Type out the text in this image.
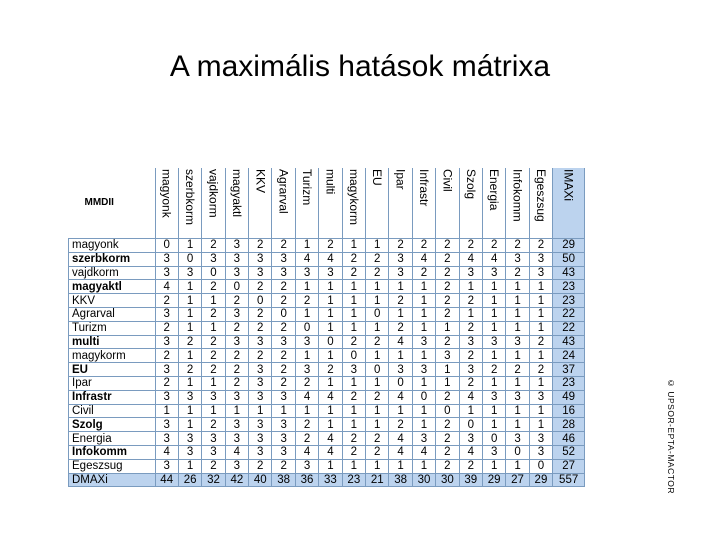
A maximális hatások mátrixa
MMDII	magyonk	szerbkorm	vajdkorm	magyaktl	KKV	Agrarval	Turizm	multi	magykorm	EU	Ipar	Infrastr	Civil	Szolg	Energia	Infokomm	Egeszsug	IMAXi

magyonk	0	1	2	3	2	2	1	2	1	1	2	2	2	2	2	2	2	29
szerbkorm	3	0	3	3	3	3	4	4	2	2	3	4	2	4	4	3	3	50
vajdkorm	3	3	0	3	3	3	3	3	2	2	3	2	2	3	3	2	3	43
magyaktl	4	1	2	0	2	2	1	1	1	1	1	1	2	1	1	1	1	23
KKV	2	1	1	2	0	2	2	1	1	1	2	1	2	2	1	1	1	23
Agrarval	3	1	2	3	2	0	1	1	1	0	1	1	2	1	1	1	1	22
Turizm	2	1	1	2	2	2	0	1	1	1	2	1	1	2	1	1	1	22
multi	3	2	2	3	3	3	3	0	2	2	4	3	2	3	3	3	2	43
magykorm	2	1	2	2	2	2	1	1	0	1	1	1	3	2	1	1	1	24
EU	3	2	2	2	3	2	3	2	3	0	3	3	1	3	2	2	2	37
Ipar	2	1	1	2	3	2	2	1	1	1	0	1	1	2	1	1	1	23
Infrastr	3	3	3	3	3	3	4	4	2	2	4	0	2	4	3	3	3	49
Civil	1	1	1	1	1	1	1	1	1	1	1	1	0	1	1	1	1	16
Szolg	3	1	2	3	3	3	2	1	1	1	2	1	2	0	1	1	1	28
Energia	3	3	3	3	3	3	2	4	2	2	4	3	2	3	0	3	3	46
Infokomm	4	3	3	4	3	3	4	4	2	2	4	4	2	4	3	0	3	52
Egeszsug	3	1	2	3	2	2	3	1	1	1	1	1	2	2	1	1	0	27
DMAXi	44	26	32	42	40	38	36	33	23	21	38	30	30	39	29	27	29	557	© UPSOR-EPTA-MACTOR
